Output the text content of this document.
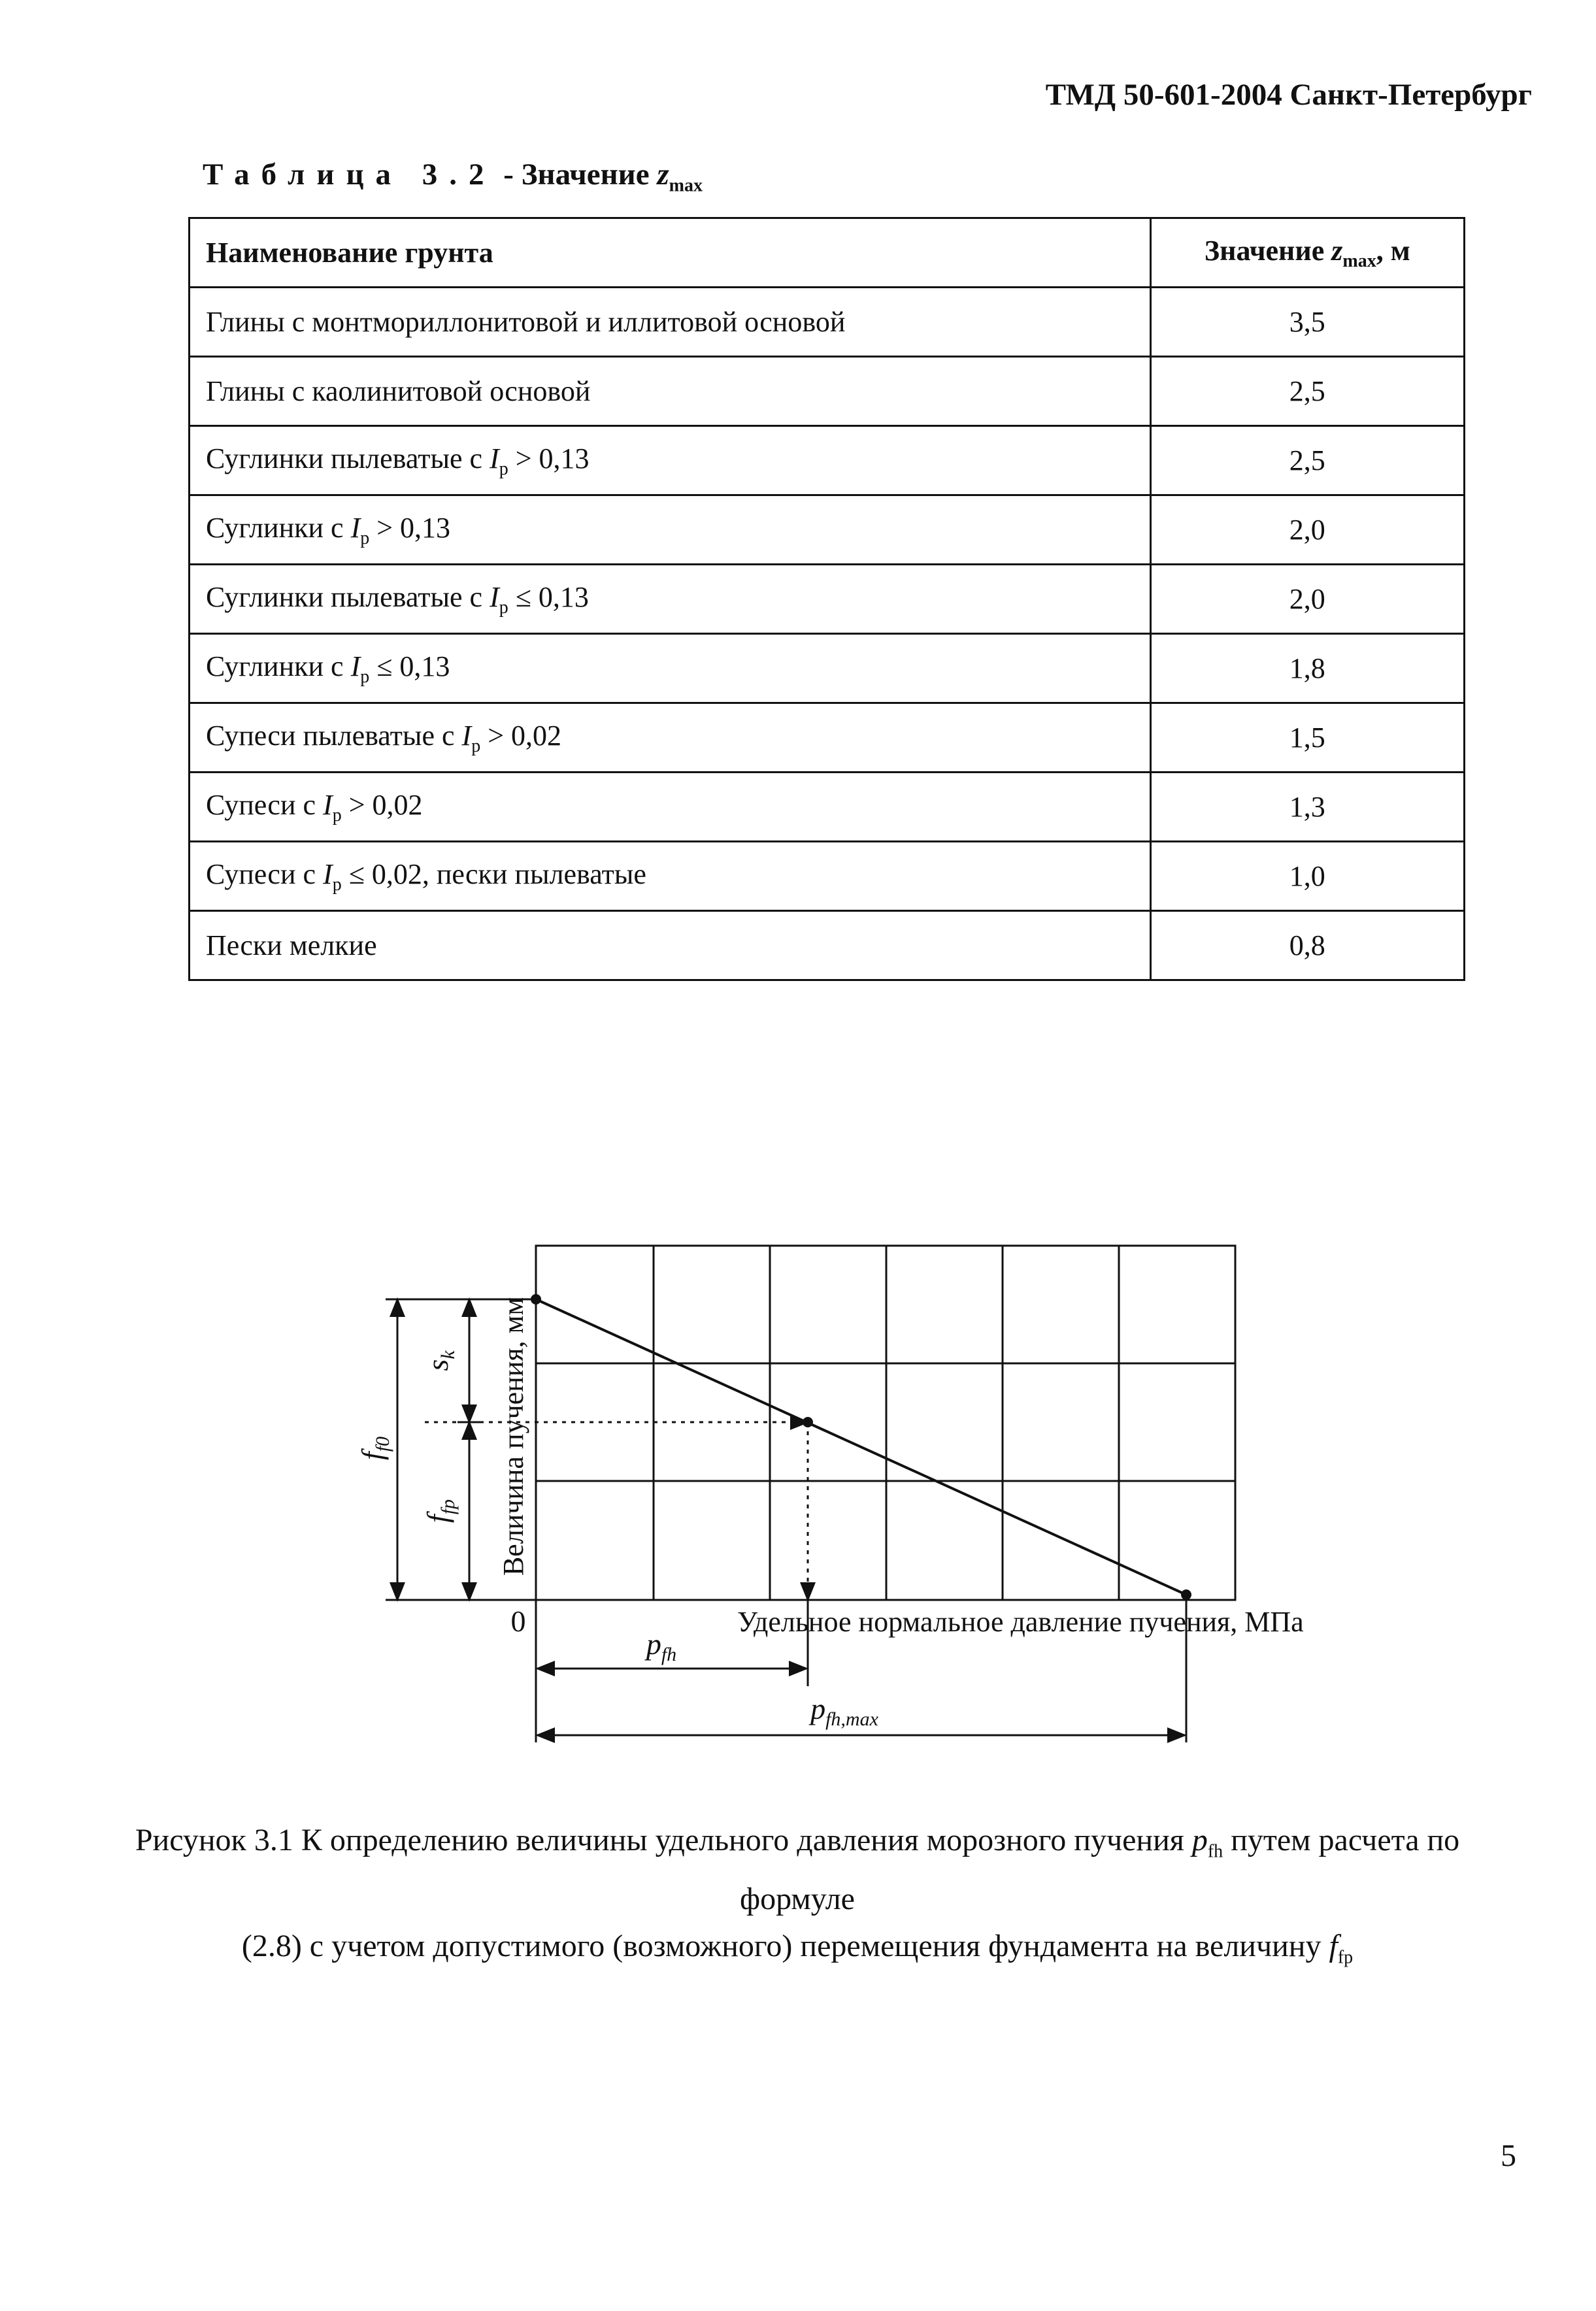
ТМД 50-601-2004 Санкт-Петербург
Таблица 3.2 - Значение $z_{max}$
Наименование грунта	Значение $z_{max}$, м
Глины с монтмориллонитовой и иллитовой основой	3,5
Глины с каолинитовой основой	2,5
Суглинки пылеватые с $I_p > 0,13$	2,5
Суглинки с $I_p > 0,13$	2,0
Суглинки пылеватые с $I_p \le 0,13$	2,0
Суглинки с $I_p \le 0,13$	1,8
Супеси пылеватые с $I_p > 0,02$	1,5
Супеси с $I_p > 0,02$	1,3
Супеси с $I_p \le 0,02$, пески пылеватые	1,0
Пески мелкие	0,8
Величина пучения, мм
0	Удельное нормальное давление пучения, МПа
$s_k$
$f_{f0}$
$f_{fp}$
$p_{fh}$
$p_{fh,max}$
Рисунок 3.1 К определению величины удельного давления морозного пучения $p_{fh}$ путем расчета по формуле
(2.8) с учетом допустимого (возможного) перемещения фундамента на величину $f_{fp}$
5
